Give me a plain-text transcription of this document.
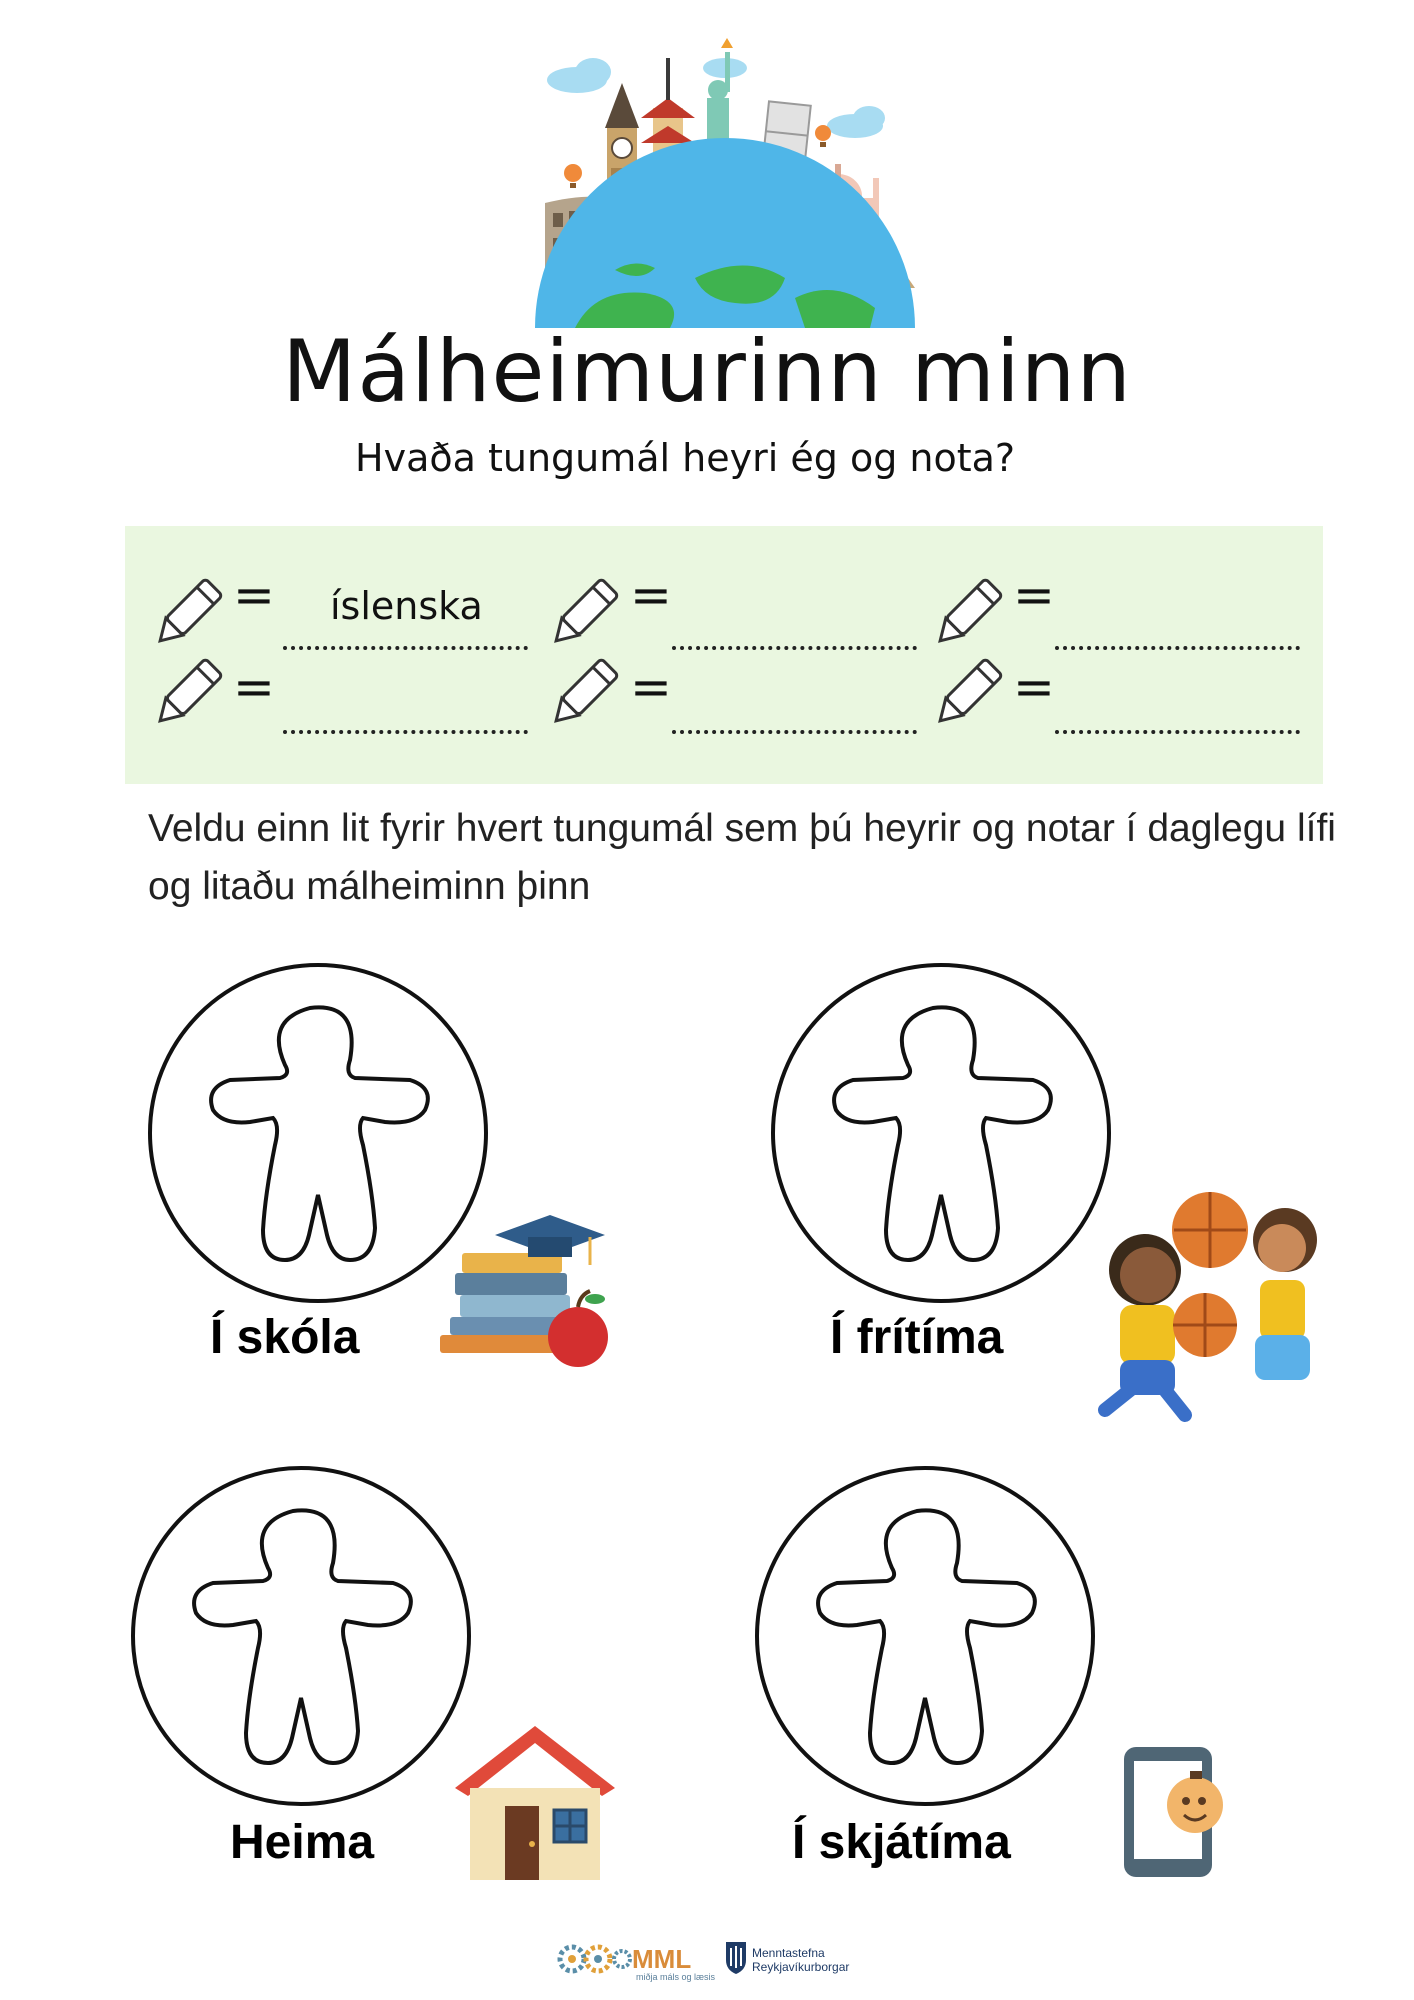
Málheimurinn minn
Hvaða tungumál heyri ég og nota?
= íslenska	=	=
=	=	=
Veldu einn lit fyrir hvert tungumál sem þú heyrir og notar í daglegu lífi og litaðu málheiminn þinn
Í skóla	Í frítíma
Heima	Í skjátíma
MML
miðja máls og læsis
Menntastefna
Reykjavíkurborgar
